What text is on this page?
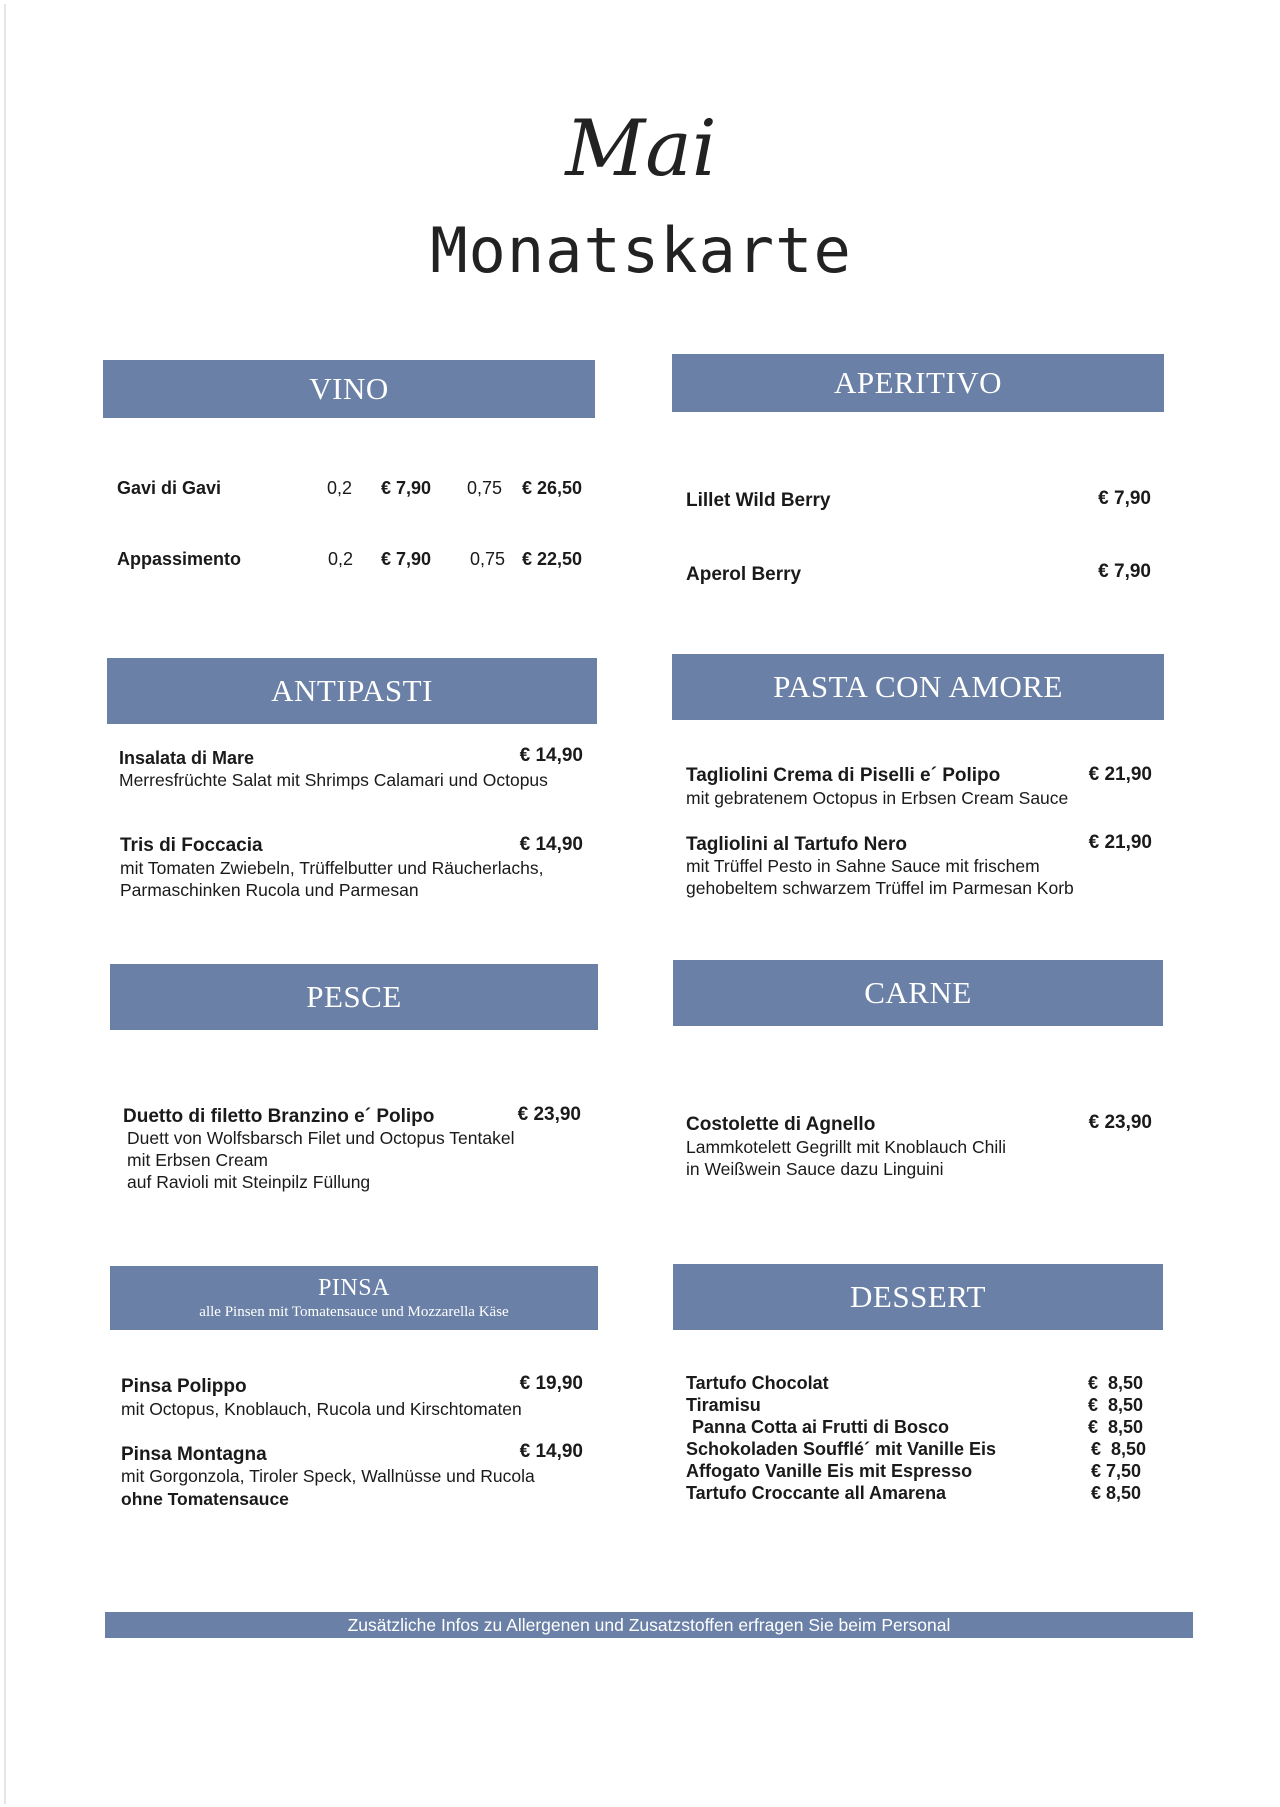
Mai
Monatskarte
VINO
Gavi di Gavi	0,2 € 7,90 0,75 € 26,50
Appassimento	0,2 € 7,90 0,75 € 22,50
APERITIVO
Lillet Wild Berry	€ 7,90
Aperol Berry	€ 7,90
ANTIPASTI
Insalata di Mare	€ 14,90
Merresfrüchte Salat mit Shrimps Calamari und Octopus
Tris di Foccacia	€ 14,90
mit Tomaten Zwiebeln, Trüffelbutter und Räucherlachs,
Parmaschinken Rucola und Parmesan
PASTA CON AMORE
Tagliolini Crema di Piselli e´ Polipo	€ 21,90
mit gebratenem Octopus in Erbsen Cream Sauce
Tagliolini al Tartufo Nero	€ 21,90
mit Trüffel Pesto in Sahne Sauce mit frischem
gehobeltem schwarzem Trüffel im Parmesan Korb
PESCE
Duetto di filetto Branzino e´ Polipo	€ 23,90
Duett von Wolfsbarsch Filet und Octopus Tentakel
mit Erbsen Cream
auf Ravioli mit Steinpilz Füllung
CARNE
Costolette di Agnello	€ 23,90
Lammkotelett Gegrillt mit Knoblauch Chili
in Weißwein Sauce dazu Linguini
PINSA
alle Pinsen mit Tomatensauce und Mozzarella Käse
Pinsa Polippo	€ 19,90
mit Octopus, Knoblauch, Rucola und Kirschtomaten
Pinsa Montagna	€ 14,90
mit Gorgonzola, Tiroler Speck, Wallnüsse und Rucola
ohne Tomatensauce
DESSERT
Tartufo Chocolat	€  8,50
Tiramisu	€  8,50
Panna Cotta ai Frutti di Bosco	€  8,50
Schokoladen Soufflé´ mit Vanille Eis	€  8,50
Affogato Vanille Eis mit Espresso	€ 7,50
Tartufo Croccante all Amarena	€ 8,50
Zusätzliche Infos zu Allergenen und Zusatzstoffen erfragen Sie beim Personal
